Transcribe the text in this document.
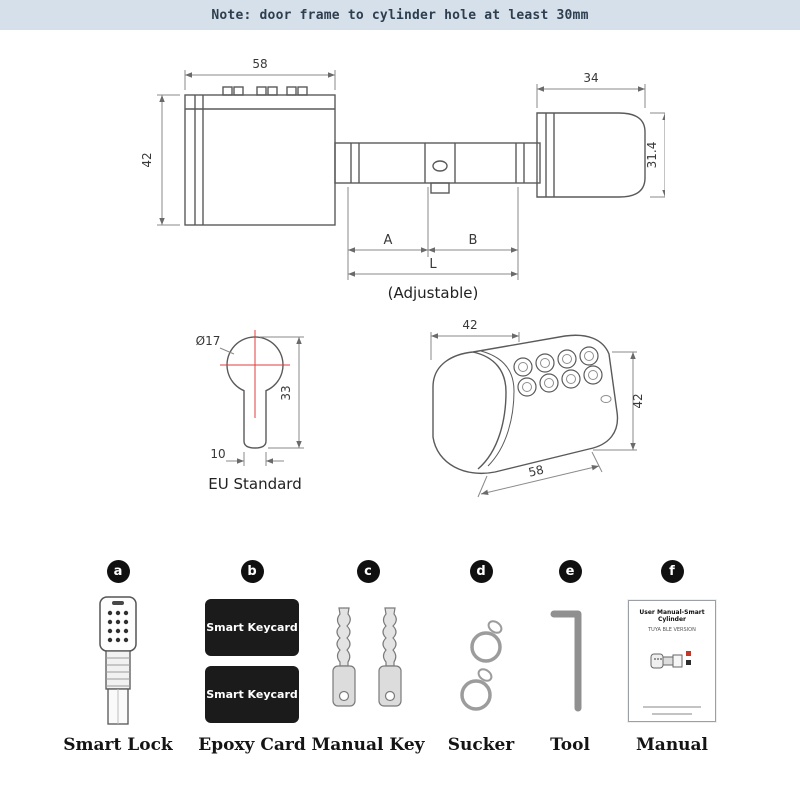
Note: door frame to cylinder hole at least 30mm
58
42
34
31.4
A	B
L
(Adjustable)
Ø17
33
10
EU Standard
42
42
58
a
Smart Lock
b
Smart Keycard
Smart Keycard
Epoxy Card
c
Manual Key
d
Sucker
e
Tool
f
User Manual-Smart Cylinder
TUYA BLE VERSION
Manual
